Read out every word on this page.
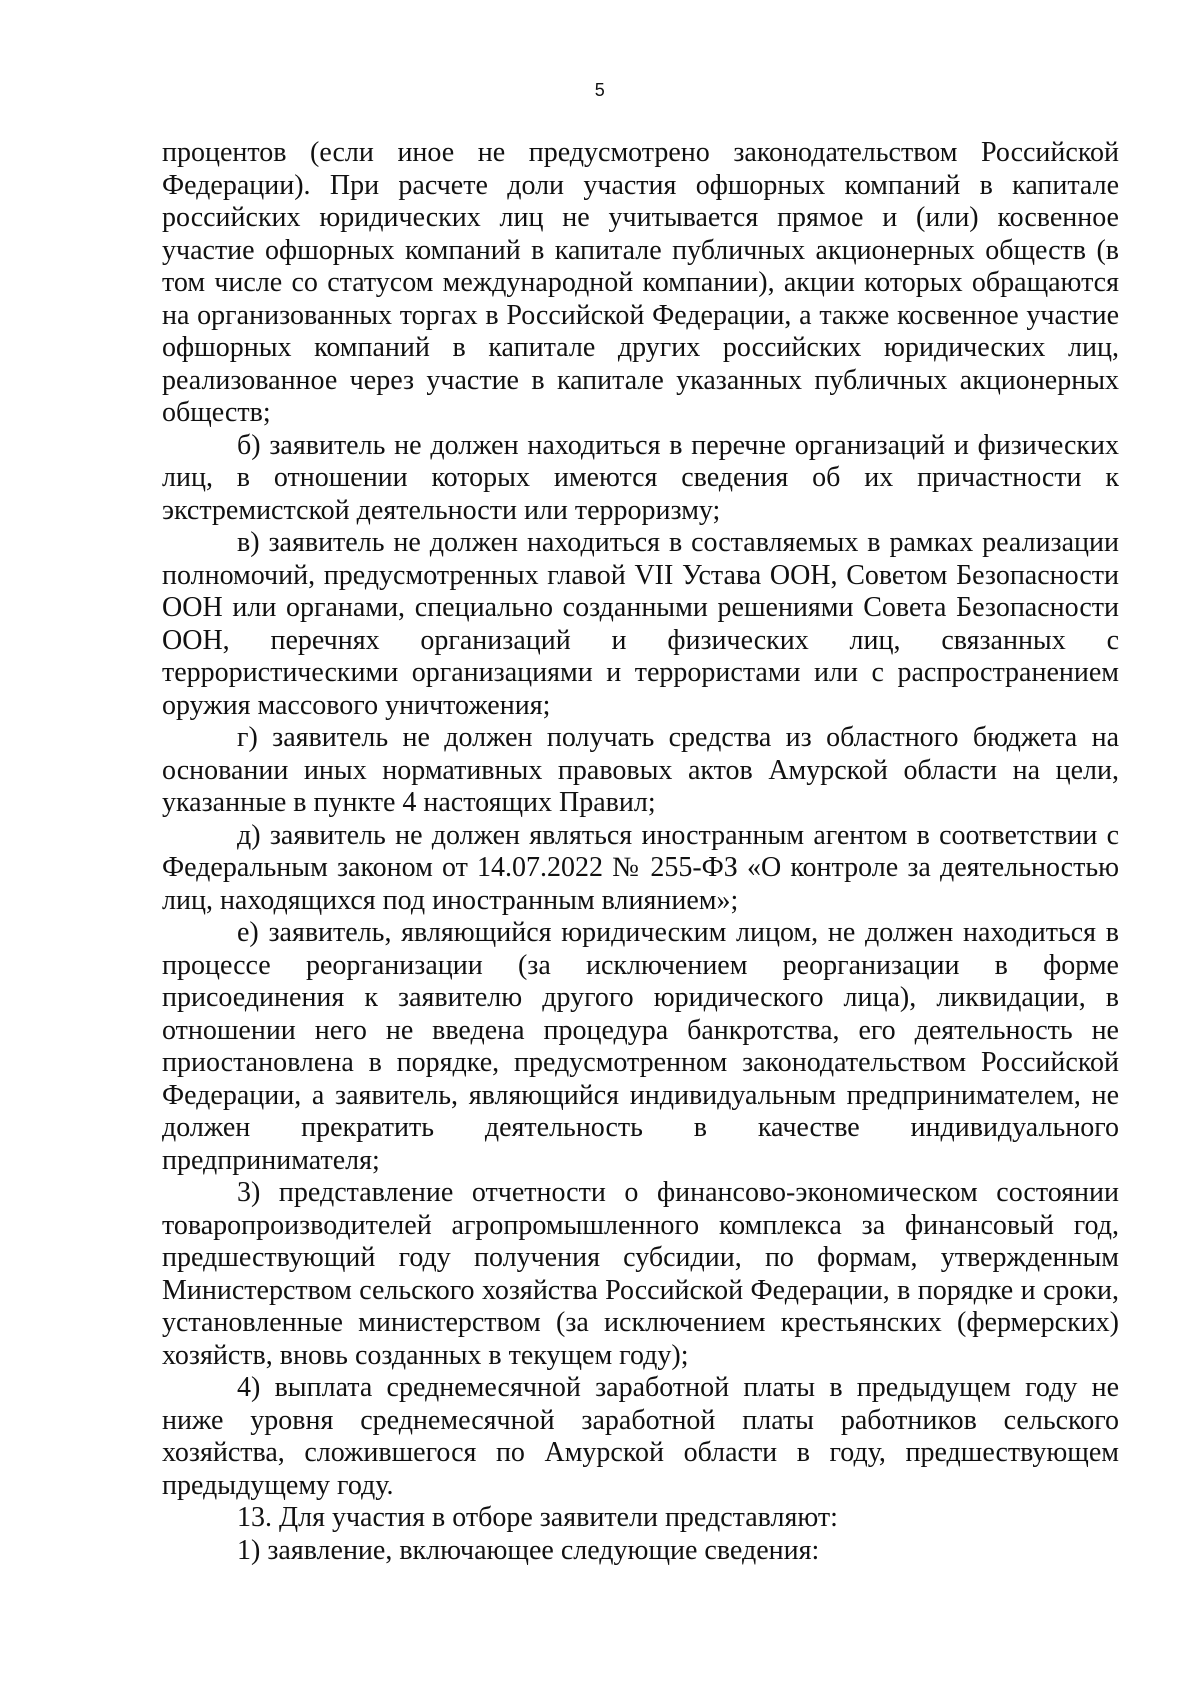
5

процентов (если иное не предусмотрено законодательством Российской Федерации). При расчете доли участия офшорных компаний в капитале российских юридических лиц не учитывается прямое и (или) косвенное участие офшорных компаний в капитале публичных акционерных обществ (в том числе со статусом международной компании), акции которых обращаются на организованных торгах в Российской Федерации, а также косвенное участие офшорных компаний в капитале других российских юридических лиц, реализованное через участие в капитале указанных публичных акционерных обществ;

б) заявитель не должен находиться в перечне организаций и физических лиц, в отношении которых имеются сведения об их причастности к экстремистской деятельности или терроризму;

в) заявитель не должен находиться в составляемых в рамках реализации полномочий, предусмотренных главой VII Устава ООН, Советом Безопасности ООН или органами, специально созданными решениями Совета Безопасности ООН, перечнях организаций и физических лиц, связанных с террористическими организациями и террористами или с распространением оружия массового уничтожения;

г) заявитель не должен получать средства из областного бюджета на основании иных нормативных правовых актов Амурской области на цели, указанные в пункте 4 настоящих Правил;

д) заявитель не должен являться иностранным агентом в соответствии с Федеральным законом от 14.07.2022 № 255-ФЗ «О контроле за деятельностью лиц, находящихся под иностранным влиянием»;

е) заявитель, являющийся юридическим лицом, не должен находиться в процессе реорганизации (за исключением реорганизации в форме присоединения к заявителю другого юридического лица), ликвидации, в отношении него не введена процедура банкротства, его деятельность не приостановлена в порядке, предусмотренном законодательством Российской Федерации, а заявитель, являющийся индивидуальным предпринимателем, не должен прекратить деятельность в качестве индивидуального предпринимателя;

3) представление отчетности о финансово-экономическом состоянии товаропроизводителей агропромышленного комплекса за финансовый год, предшествующий году получения субсидии, по формам, утвержденным Министерством сельского хозяйства Российской Федерации, в порядке и сроки, установленные министерством (за исключением крестьянских (фермерских) хозяйств, вновь созданных в текущем году);

4) выплата среднемесячной заработной платы в предыдущем году не ниже уровня среднемесячной заработной платы работников сельского хозяйства, сложившегося по Амурской области в году, предшествующем предыдущему году.

13. Для участия в отборе заявители представляют:

1) заявление, включающее следующие сведения:
